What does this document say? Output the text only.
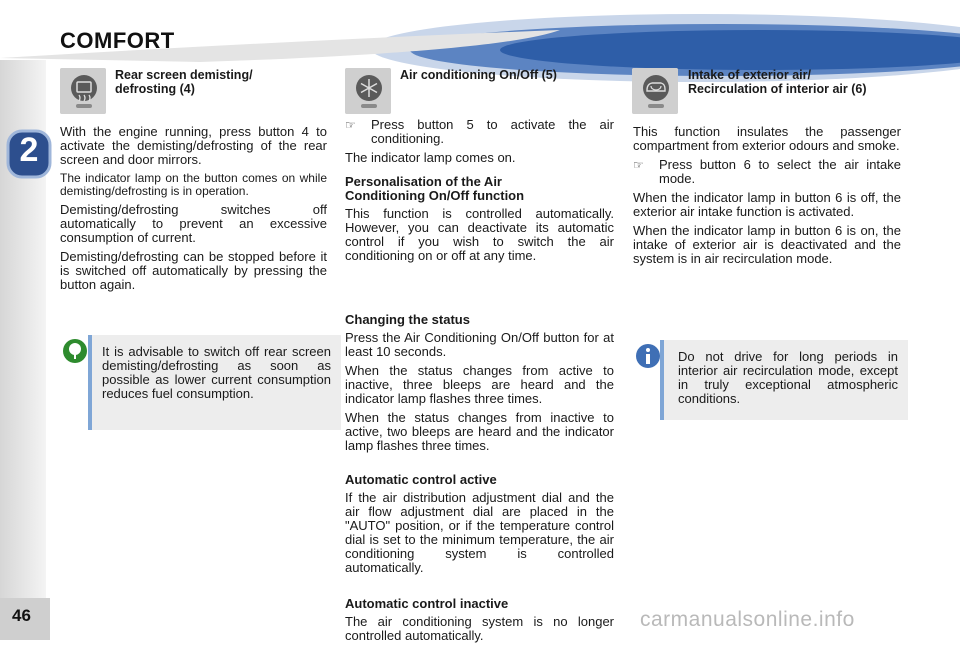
2
COMFORT
Rear screen demisting/
defrosting (4)

With the engine running, press button 4 to activate the demisting/defrosting of the rear screen and door mirrors.

The indicator lamp on the button comes on while demisting/defrosting is in operation.

Demisting/defrosting switches off automatically to prevent an excessive consumption of current.

Demisting/defrosting can be stopped before it is switched off automatically by pressing the button again.

It is advisable to switch off rear screen demisting/defrosting as soon as possible as lower current consumption reduces fuel consumption.

Air conditioning On/Off (5)
☞	Press button 5 to activate the air conditioning.

The indicator lamp comes on.

Personalisation of the Air
Conditioning On/Off function

This function is controlled automatically. However, you can deactivate its automatic control if you wish to switch the air conditioning on or off at any time.

Changing the status

Press the Air Conditioning On/Off button for at least 10 seconds.

When the status changes from active to inactive, three bleeps are heard and the indicator lamp flashes three times.

When the status changes from inactive to active, two bleeps are heard and the indicator lamp flashes three times.

Automatic control active

If the air distribution adjustment dial and the air flow adjustment dial are placed in the "AUTO" position, or if the temperature control dial is set to the minimum temperature, the air conditioning system is controlled automatically.

Automatic control inactive

The air conditioning system is no longer controlled automatically.

Intake of exterior air/
Recirculation of interior air (6)

This function insulates the passenger compartment from exterior odours and smoke.

☞	Press button 6 to select the air intake mode.

When the indicator lamp in button 6 is off, the exterior air intake function is activated.

When the indicator lamp in button 6 is on, the intake of exterior air is deactivated and the system is in air recirculation mode.

Do not drive for long periods in interior air recirculation mode, except in truly exceptional atmospheric conditions.

46	carmanualsonline.info
